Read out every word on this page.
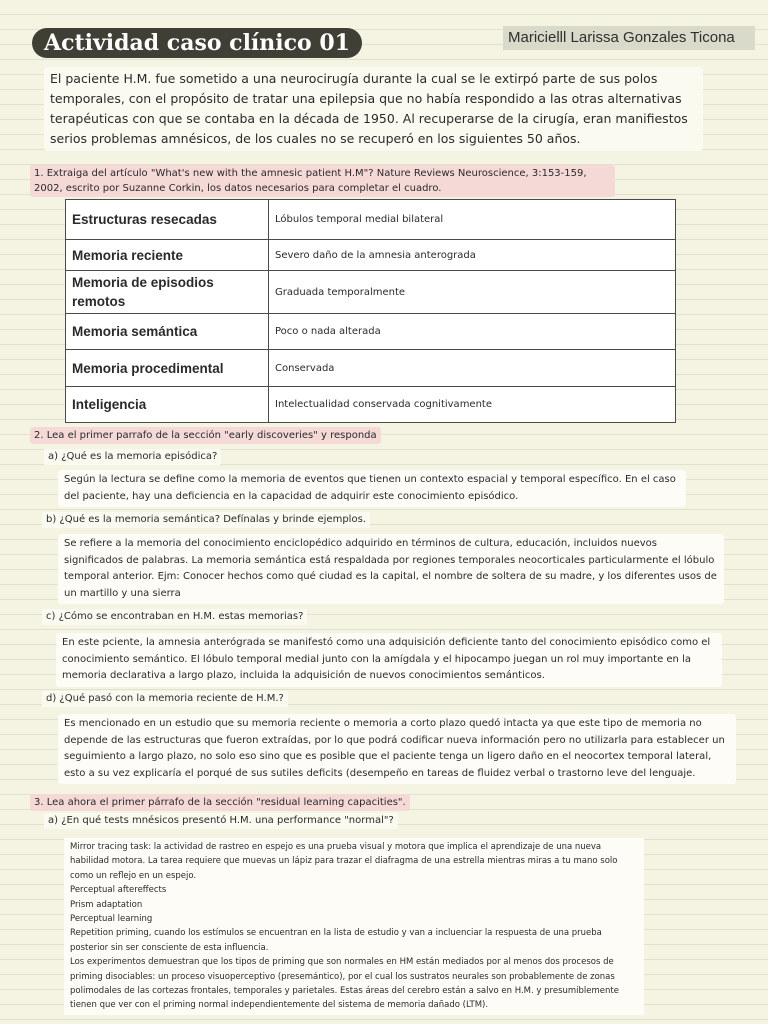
Actividad caso clínico 01	Maricielll Larissa Gonzales Ticona
El paciente H.M. fue sometido a una neurocirugía durante la cual se le extirpó parte de sus polos temporales, con el propósito de tratar una epilepsia que no había respondido a las otras alternativas terapéuticas con que se contaba en la década de 1950. Al recuperarse de la cirugía, eran manifiestos serios problemas amnésicos, de los cuales no se recuperó en los siguientes 50 años.
1. Extraiga del artículo "What's new with the amnesic patient H.M"? Nature Reviews Neuroscience, 3:153-159, 2002, escrito por Suzanne Corkin, los datos necesarios para completar el cuadro.
Estructuras resecadas	Lóbulos temporal medial bilateral
Memoria reciente	Severo daño de la amnesia anterograda
Memoria de episodios remotos	Graduada temporalmente
Memoria semántica	Poco o nada alterada
Memoria procedimental	Conservada
Inteligencia	Intelectualidad conservada cognitivamente
2. Lea el primer parrafo de la sección "early discoveries" y responda
a) ¿Qué es la memoria episódica?
Según la lectura se define como la memoria de eventos que tienen un contexto espacial y temporal específico. En el caso del paciente, hay una deficiencia en la capacidad de adquirir este conocimiento episódico.
b) ¿Qué es la memoria semántica? Defínalas y brinde ejemplos.
Se refiere a la memoria del conocimiento enciclopédico adquirido en términos de cultura, educación, incluidos nuevos significados de palabras. La memoria semántica está respaldada por regiones temporales neocorticales particularmente el lóbulo temporal anterior. Ejm: Conocer hechos como qué ciudad es la capital, el nombre de soltera de su madre, y los diferentes usos de un martillo y una sierra
c) ¿Cómo se encontraban en H.M. estas memorias?
En este pciente, la amnesia anterógrada se manifestó como una adquisición deficiente tanto del conocimiento episódico como el conocimiento semántico. El lóbulo temporal medial junto con la amígdala y el hipocampo juegan un rol muy importante en la memoria declarativa a largo plazo, incluida la adquisición de nuevos conocimientos semánticos.
d) ¿Qué pasó con la memoria reciente de H.M.?
Es mencionado en un estudio que su memoria reciente o memoria a corto plazo quedó intacta ya que este tipo de memoria no depende de las estructuras que fueron extraídas, por lo que podrá codificar nueva información pero no utilizarla para establecer un seguimiento a largo plazo, no solo eso sino que es posible que el paciente tenga un ligero daño en el neocortex temporal lateral, esto a su vez explicaría el porqué de sus sutiles deficits (desempeño en tareas de fluidez verbal o trastorno leve del lenguaje.
3. Lea ahora el primer párrafo de la sección "residual learning capacities".
a) ¿En qué tests mnésicos presentó H.M. una performance "normal"?
Mirror tracing task: la actividad de rastreo en espejo es una prueba visual y motora que implica el aprendizaje de una nueva habilidad motora. La tarea requiere que muevas un lápiz para trazar el diafragma de una estrella mientras miras a tu mano solo como un reflejo en un espejo.
Perceptual aftereffects
Prism adaptation
Perceptual learning
Repetition priming, cuando los estímulos se encuentran en la lista de estudio y van a incluenciar la respuesta de una prueba posterior sin ser consciente de esta influencia.
Los experimentos demuestran que los tipos de priming que son normales en HM están mediados por al menos dos procesos de priming disociables: un proceso visuoperceptivo (presemántico), por el cual los sustratos neurales son probablemente de zonas polimodales de las cortezas frontales, temporales y parietales. Estas áreas del cerebro están a salvo en H.M. y presumiblemente tienen que ver con el priming normal independientemente del sistema de memoria dañado (LTM).
